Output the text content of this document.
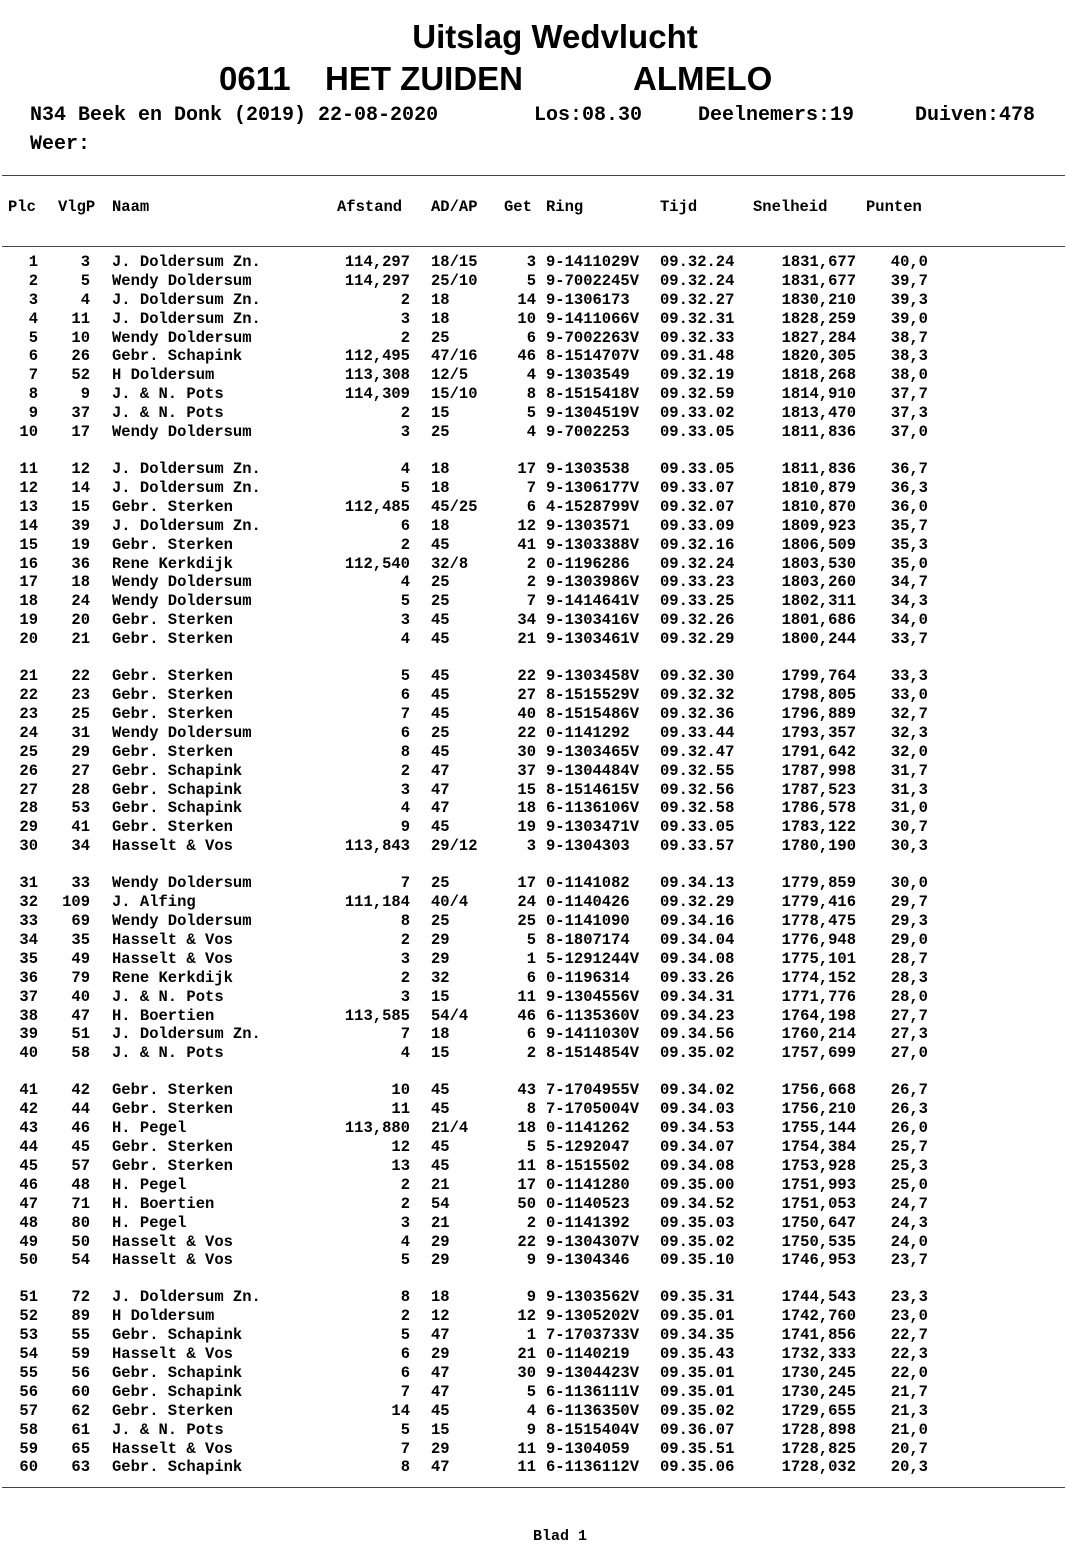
Uitslag Wedvlucht
0611 HET ZUIDEN	ALMELO

N34 Beek en Donk (2019) 22-08-2020

	Los:08.30

	Deelnemers:19

	Duiven:478

Weer:

Plc

VlgP

Naam

	Afstand

AD/AP

Get

Ring

	Tijd

	Snelheid

Punten

1	3 J. Doldersum Zn.	114,297 18/15	3 9-1411029V 09.32.24	1831,677	40,0
2	5 Wendy Doldersum	114,297 25/10	5 9-7002245V 09.32.24	1831,677	39,7
3	4 J. Doldersum Zn.	2 18	14 9-1306173 09.32.27	1830,210	39,3
4	11 J. Doldersum Zn.	3 18	10 9-1411066V 09.32.31	1828,259	39,0
5	10 Wendy Doldersum	2 25	6 9-7002263V 09.32.33	1827,284	38,7
6	26 Gebr. Schapink	112,495 47/16	46 8-1514707V 09.31.48	1820,305	38,3
7	52 H Doldersum	113,308 12/5	4 9-1303549 09.32.19	1818,268	38,0
8	9 J. & N. Pots	114,309 15/10	8 8-1515418V 09.32.59	1814,910	37,7
9	37 J. & N. Pots	2 15	5 9-1304519V 09.33.02	1813,470	37,3
10	17 Wendy Doldersum	3 25	4 9-7002253 09.33.05	1811,836	37,0
11	12 J. Doldersum Zn.	4 18	17 9-1303538 09.33.05	1811,836	36,7
12	14 J. Doldersum Zn.	5 18	7 9-1306177V 09.33.07	1810,879	36,3
13	15 Gebr. Sterken	112,485 45/25	6 4-1528799V 09.32.07	1810,870	36,0
14	39 J. Doldersum Zn.	6 18	12 9-1303571 09.33.09	1809,923	35,7
15	19 Gebr. Sterken	2 45	41 9-1303388V 09.32.16	1806,509	35,3
16	36 Rene Kerkdijk	112,540 32/8	2 0-1196286 09.32.24	1803,530	35,0
17	18 Wendy Doldersum	4 25	2 9-1303986V 09.33.23	1803,260	34,7
18	24 Wendy Doldersum	5 25	7 9-1414641V 09.33.25	1802,311	34,3
19	20 Gebr. Sterken	3 45	34 9-1303416V 09.32.26	1801,686	34,0
20	21 Gebr. Sterken	4 45	21 9-1303461V 09.32.29	1800,244	33,7
21	22 Gebr. Sterken	5 45	22 9-1303458V 09.32.30	1799,764	33,3
22	23 Gebr. Sterken	6 45	27 8-1515529V 09.32.32	1798,805	33,0
23	25 Gebr. Sterken	7 45	40 8-1515486V 09.32.36	1796,889	32,7
24	31 Wendy Doldersum	6 25	22 0-1141292 09.33.44	1793,357	32,3
25	29 Gebr. Sterken	8 45	30 9-1303465V 09.32.47	1791,642	32,0
26	27 Gebr. Schapink	2 47	37 9-1304484V 09.32.55	1787,998	31,7
27	28 Gebr. Schapink	3 47	15 8-1514615V 09.32.56	1787,523	31,3
28	53 Gebr. Schapink	4 47	18 6-1136106V 09.32.58	1786,578	31,0
29	41 Gebr. Sterken	9 45	19 9-1303471V 09.33.05	1783,122	30,7
30	34 Hasselt & Vos	113,843 29/12	3 9-1304303 09.33.57	1780,190	30,3
31	33 Wendy Doldersum	7 25	17 0-1141082 09.34.13	1779,859	30,0
32	109 J. Alfing	111,184 40/4	24 0-1140426 09.32.29	1779,416	29,7
33	69 Wendy Doldersum	8 25	25 0-1141090 09.34.16	1778,475	29,3
34	35 Hasselt & Vos	2 29	5 8-1807174 09.34.04	1776,948	29,0
35	49 Hasselt & Vos	3 29	1 5-1291244V 09.34.08	1775,101	28,7
36	79 Rene Kerkdijk	2 32	6 0-1196314 09.33.26	1774,152	28,3
37	40 J. & N. Pots	3 15	11 9-1304556V 09.34.31	1771,776	28,0
38	47 H. Boertien	113,585 54/4	46 6-1135360V 09.34.23	1764,198	27,7
39	51 J. Doldersum Zn.	7 18	6 9-1411030V 09.34.56	1760,214	27,3
40	58 J. & N. Pots	4 15	2 8-1514854V 09.35.02	1757,699	27,0
41	42 Gebr. Sterken	10 45	43 7-1704955V 09.34.02	1756,668	26,7
42	44 Gebr. Sterken	11 45	8 7-1705004V 09.34.03	1756,210	26,3
43	46 H. Pegel	113,880 21/4	18 0-1141262 09.34.53	1755,144	26,0
44	45 Gebr. Sterken	12 45	5 5-1292047 09.34.07	1754,384	25,7
45	57 Gebr. Sterken	13 45	11 8-1515502 09.34.08	1753,928	25,3
46	48 H. Pegel	2 21	17 0-1141280 09.35.00	1751,993	25,0
47	71 H. Boertien	2 54	50 0-1140523 09.34.52	1751,053	24,7
48	80 H. Pegel	3 21	2 0-1141392 09.35.03	1750,647	24,3
49	50 Hasselt & Vos	4 29	22 9-1304307V 09.35.02	1750,535	24,0
50	54 Hasselt & Vos	5 29	9 9-1304346 09.35.10	1746,953	23,7
51	72 J. Doldersum Zn.	8 18	9 9-1303562V 09.35.31	1744,543	23,3
52	89 H Doldersum	2 12	12 9-1305202V 09.35.01	1742,760	23,0
53	55 Gebr. Schapink	5 47	1 7-1703733V 09.34.35	1741,856	22,7
54	59 Hasselt & Vos	6 29	21 0-1140219 09.35.43	1732,333	22,3
55	56 Gebr. Schapink	6 47	30 9-1304423V 09.35.01	1730,245	22,0
56	60 Gebr. Schapink	7 47	5 6-1136111V 09.35.01	1730,245	21,7
57	62 Gebr. Sterken	14 45	4 6-1136350V 09.35.02	1729,655	21,3
58	61 J. & N. Pots	5 15	9 8-1515404V 09.36.07	1728,898	21,0
59	65 Hasselt & Vos	7 29	11 9-1304059 09.35.51	1728,825	20,7
60	63 Gebr. Schapink	8 47	11 6-1136112V 09.35.06	1728,032	20,3
Blad 1
